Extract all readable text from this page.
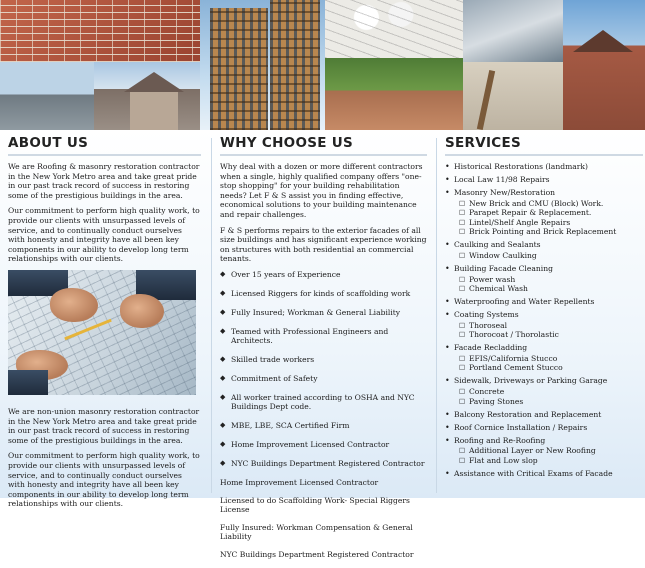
ABOUT US

We are Roofing & masonry restoration contractor in the New York Metro area and take great pride in our past track record of success in restoring some of the prestigious buildings in the area.

Our commitment to perform high quality work, to provide our clients with unsurpassed levels of service, and to continually conduct ourselves with honesty and integrity have all been key components in our ability to develop long term relationships with our clients.

We are non-union masonry restoration contractor in the New York Metro area and take great pride in our past track record of success in restoring some of the prestigious buildings in the area.

Our commitment to perform high quality work, to provide our clients with unsurpassed levels of service, and to continually conduct ourselves with honesty and integrity have all been key components in our ability to develop long term relationships with our clients.

WHY CHOOSE US

Why deal with a dozen or more different contractors when a single, highly qualified company offers "one-stop shopping" for your building rehabilitation needs? Let F & S assist you in finding effective, economical solutions to your building maintenance and repair challenges.

F & S performs repairs to the exterior facades of all size buildings and has significant experience working on structures with both residential an commercial tenants.

◆ Over 15 years of Experience
◆ Licensed Riggers for kinds of scaffolding work
◆ Fully Insured; Workman & General Liability
◆ Teamed with Professional Engineers and Architects.
◆ Skilled trade workers
◆ Commitment of Safety
◆ All worker trained according to OSHA and NYC Buildings Dept code.
◆ MBE, LBE, SCA Certified Firm
◆ Home Improvement Licensed Contractor
◆ NYC Buildings Department Registered Contractor
Home Improvement Licensed Contractor
Licensed to do Scaffolding Work- Special Riggers License
Fully Insured: Workman Compensation & General Liability
NYC Buildings Department Registered Contractor
SERVICES
• Historical Restorations (landmark)
• Local Law 11/98 Repairs
• Masonry New/Restoration
□ New Brick and CMU (Block) Work.
□ Parapet Repair & Replacement.
□ Lintel/Shelf Angle Repairs
□ Brick Pointing and Brick Replacement
• Caulking and Sealants
□ Window Caulking
• Building Facade Cleaning
□ Power wash
□ Chemical Wash
• Waterproofing and Water Repellents
• Coating Systems
□ Thoroseal
□ Thorocoat / Thorolastic
• Facade Recladding
□ EFIS/California Stucco
□ Portland Cement Stucco
• Sidewalk, Driveways or Parking Garage
□ Concrete
□ Paving Stones
• Balcony Restoration and Replacement
• Roof Cornice Installation / Repairs
• Roofing and Re-Roofing
□ Additional Layer or New Roofing
□ Flat and Low slop
• Assistance with Critical Exams of Facade
